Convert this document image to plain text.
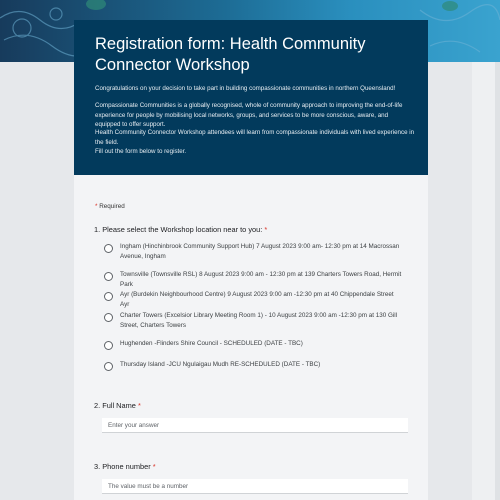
Registration form: Health Community Connector Workshop
Congratulations on your decision to take part in building compassionate communities in northern Queensland!
Compassionate Communities is a globally recognised, whole of community approach to improving the end-of-life experience for people by mobilising local networks, groups, and services to be more conscious, aware, and equipped to offer support.
Health Community Connector Workshop attendees will learn from compassionate individuals with lived experience in the field.
Fill out the form below to register.
* Required
1. Please select the Workshop location near to you: *
Ingham (Hinchinbrook Community Support Hub) 7 August 2023 9:00 am- 12:30 pm at 14 Macrossan Avenue, Ingham
Townsville (Townsville RSL) 8 August 2023 9:00 am - 12:30 pm at 139 Charters Towers Road, Hermit Park
Ayr (Burdekin Neighbourhood Centre) 9 August 2023 9:00 am -12:30 pm at 40 Chippendale Street Ayr
Charter Towers (Excelsior Library Meeting Room 1) - 10 August 2023 9:00 am -12:30 pm at 130 Gill Street, Charters Towers
Hughenden -Flinders Shire Council - SCHEDULED (DATE - TBC)
Thursday Island -JCU Ngulaigau Mudh RE-SCHEDULED (DATE - TBC)
2. Full Name *
Enter your answer
3. Phone number *
The value must be a number
